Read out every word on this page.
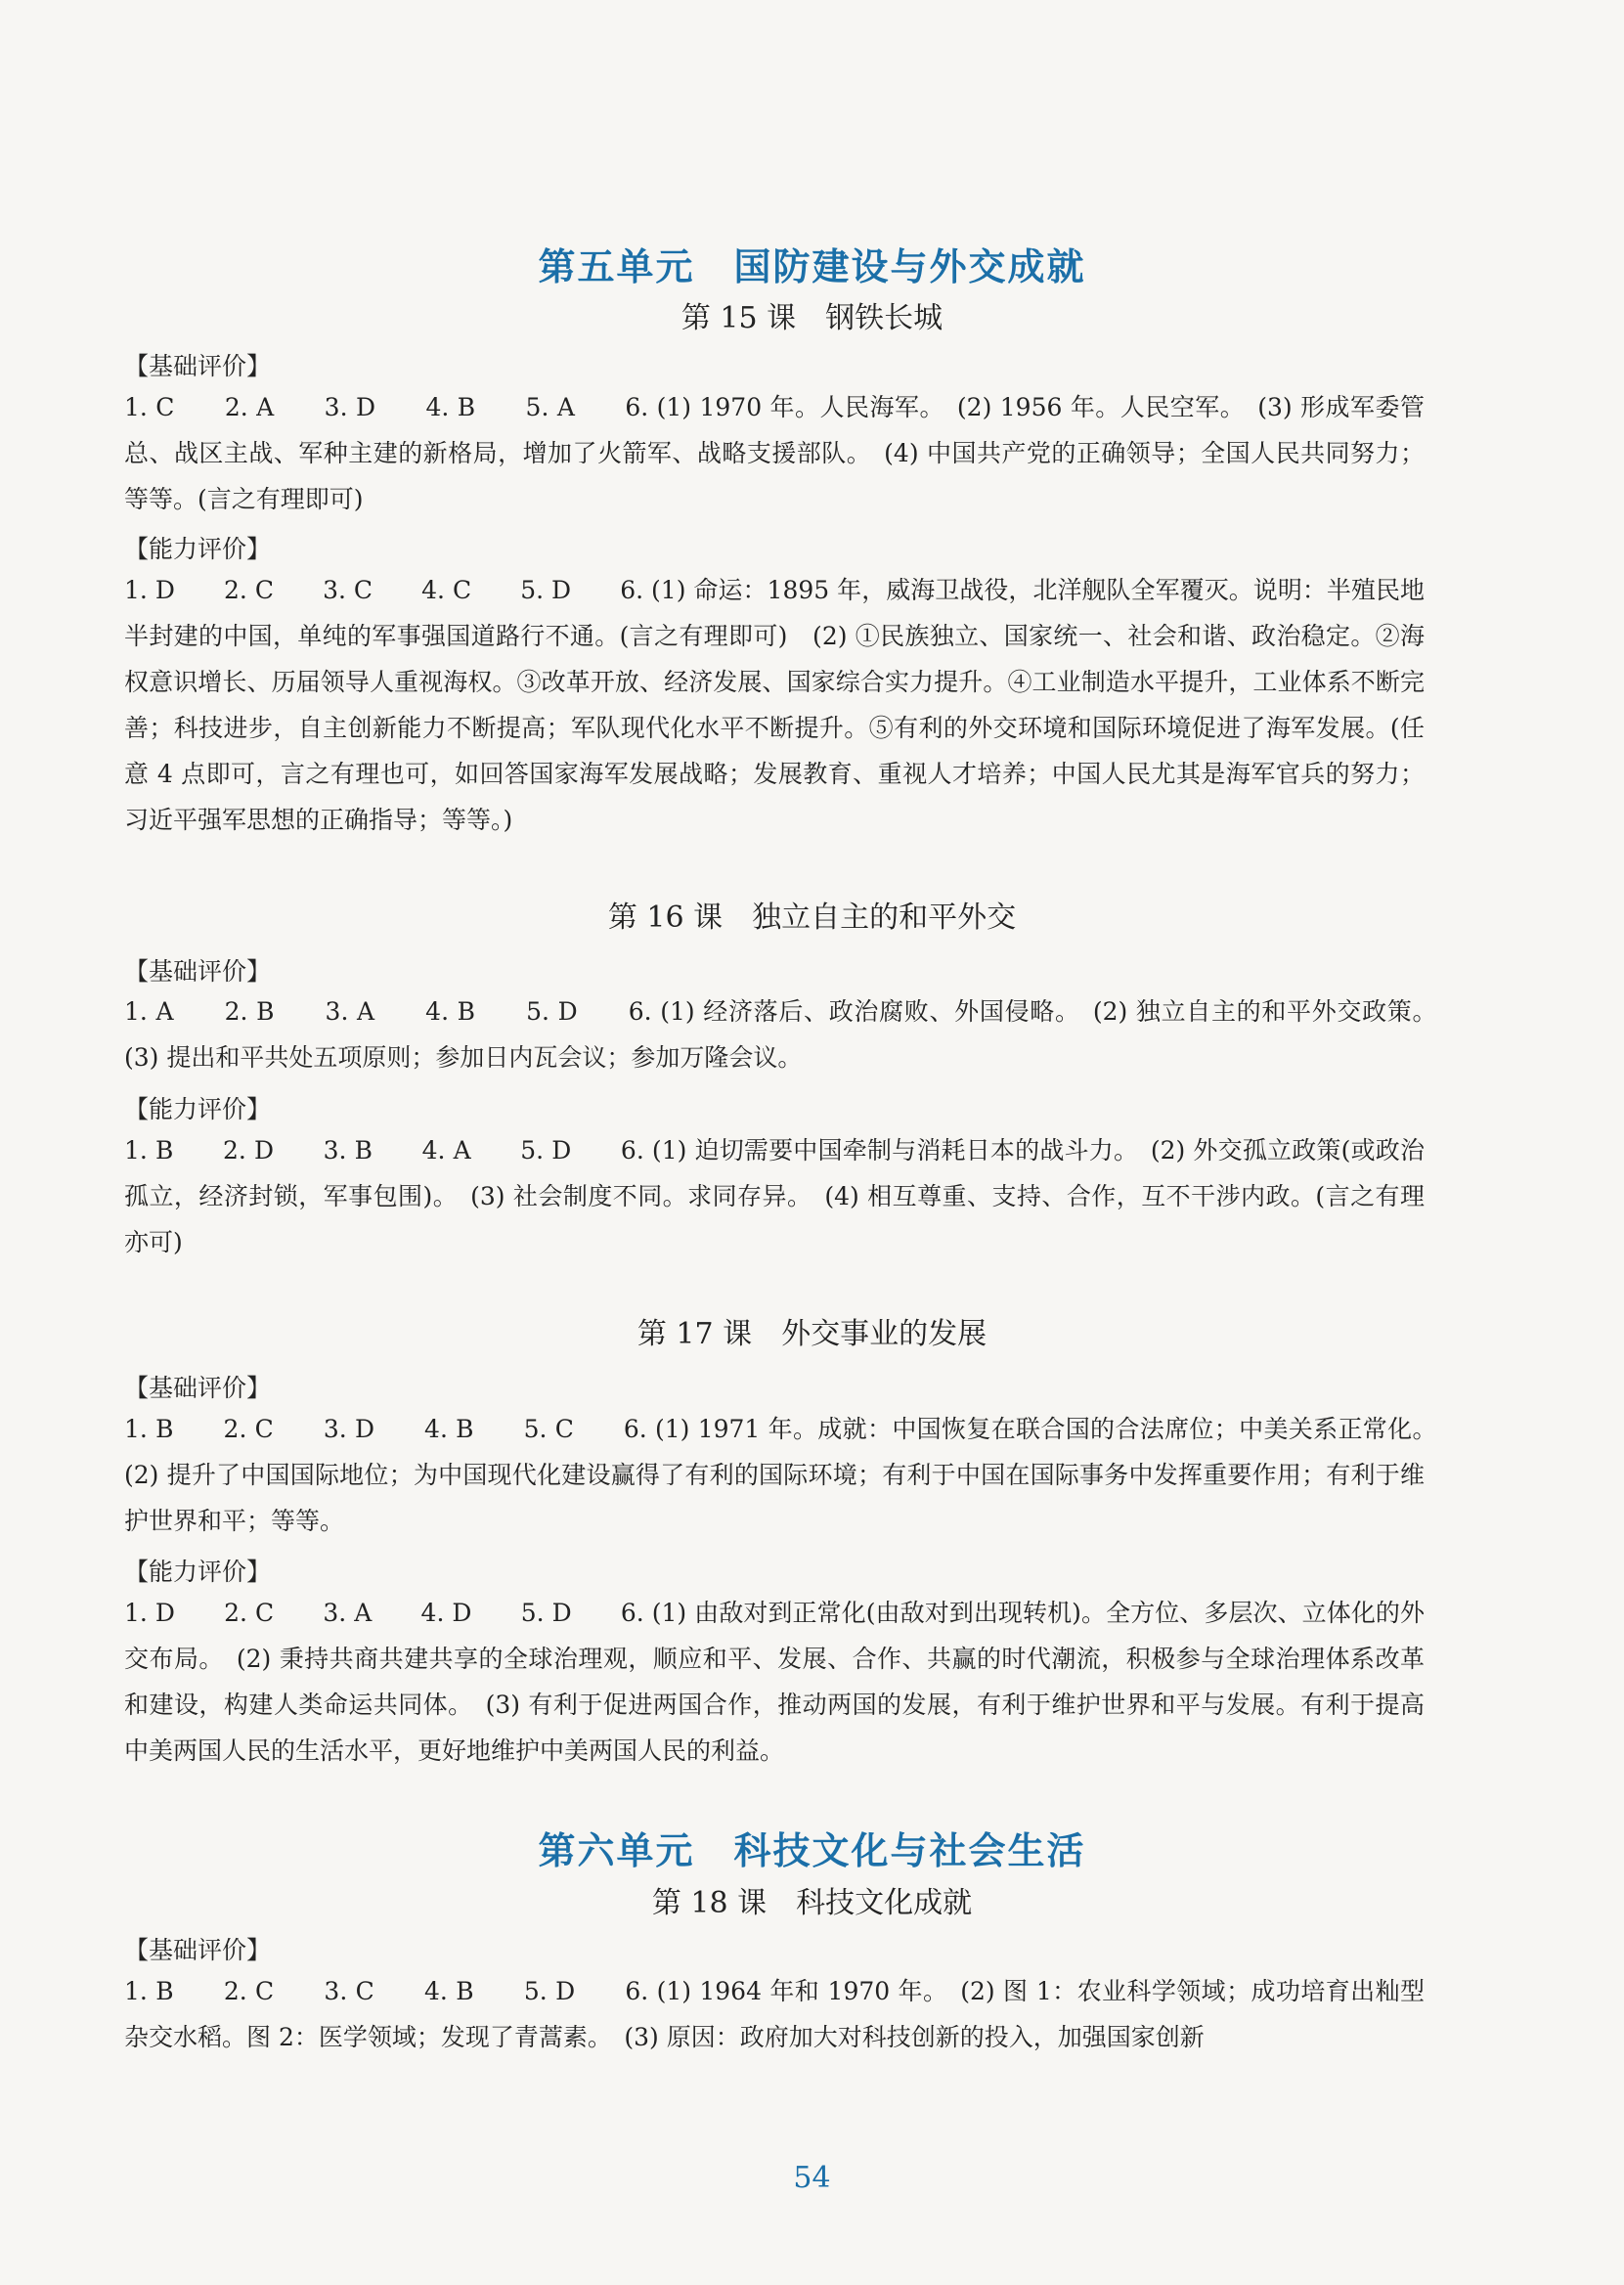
第五单元　国防建设与外交成就
第 15 课　钢铁长城
【基础评价】
1. C　　2. A　　3. D　　4. B　　5. A　　6. (1) 1970 年。人民海军。　(2) 1956 年。人民空军。　(3) 形成军委管总、战区主战、军种主建的新格局，增加了火箭军、战略支援部队。　(4) 中国共产党的正确领导；全国人民共同努力；等等。(言之有理即可)
【能力评价】
1. D　　2. C　　3. C　　4. C　　5. D　　6. (1) 命运：1895 年，威海卫战役，北洋舰队全军覆灭。说明：半殖民地半封建的中国，单纯的军事强国道路行不通。(言之有理即可)　(2) ①民族独立、国家统一、社会和谐、政治稳定。②海权意识增长、历届领导人重视海权。③改革开放、经济发展、国家综合实力提升。④工业制造水平提升，工业体系不断完善；科技进步，自主创新能力不断提高；军队现代化水平不断提升。⑤有利的外交环境和国际环境促进了海军发展。(任意 4 点即可，言之有理也可，如回答国家海军发展战略；发展教育、重视人才培养；中国人民尤其是海军官兵的努力；习近平强军思想的正确指导；等等。)
第 16 课　独立自主的和平外交
【基础评价】
1. A　　2. B　　3. A　　4. B　　5. D　　6. (1) 经济落后、政治腐败、外国侵略。　(2) 独立自主的和平外交政策。　(3) 提出和平共处五项原则；参加日内瓦会议；参加万隆会议。
【能力评价】
1. B　　2. D　　3. B　　4. A　　5. D　　6. (1) 迫切需要中国牵制与消耗日本的战斗力。　(2) 外交孤立政策(或政治孤立，经济封锁，军事包围)。　(3) 社会制度不同。求同存异。　(4) 相互尊重、支持、合作，互不干涉内政。(言之有理亦可)
第 17 课　外交事业的发展
【基础评价】
1. B　　2. C　　3. D　　4. B　　5. C　　6. (1) 1971 年。成就：中国恢复在联合国的合法席位；中美关系正常化。　(2) 提升了中国国际地位；为中国现代化建设赢得了有利的国际环境；有利于中国在国际事务中发挥重要作用；有利于维护世界和平；等等。
【能力评价】
1. D　　2. C　　3. A　　4. D　　5. D　　6. (1) 由敌对到正常化(由敌对到出现转机)。全方位、多层次、立体化的外交布局。　(2) 秉持共商共建共享的全球治理观，顺应和平、发展、合作、共赢的时代潮流，积极参与全球治理体系改革和建设，构建人类命运共同体。　(3) 有利于促进两国合作，推动两国的发展，有利于维护世界和平与发展。有利于提高中美两国人民的生活水平，更好地维护中美两国人民的利益。
第六单元　科技文化与社会生活
第 18 课　科技文化成就
【基础评价】
1. B　　2. C　　3. C　　4. B　　5. D　　6. (1) 1964 年和 1970 年。　(2) 图 1：农业科学领域；成功培育出籼型杂交水稻。图 2：医学领域；发现了青蒿素。　(3) 原因：政府加大对科技创新的投入，加强国家创新
54
